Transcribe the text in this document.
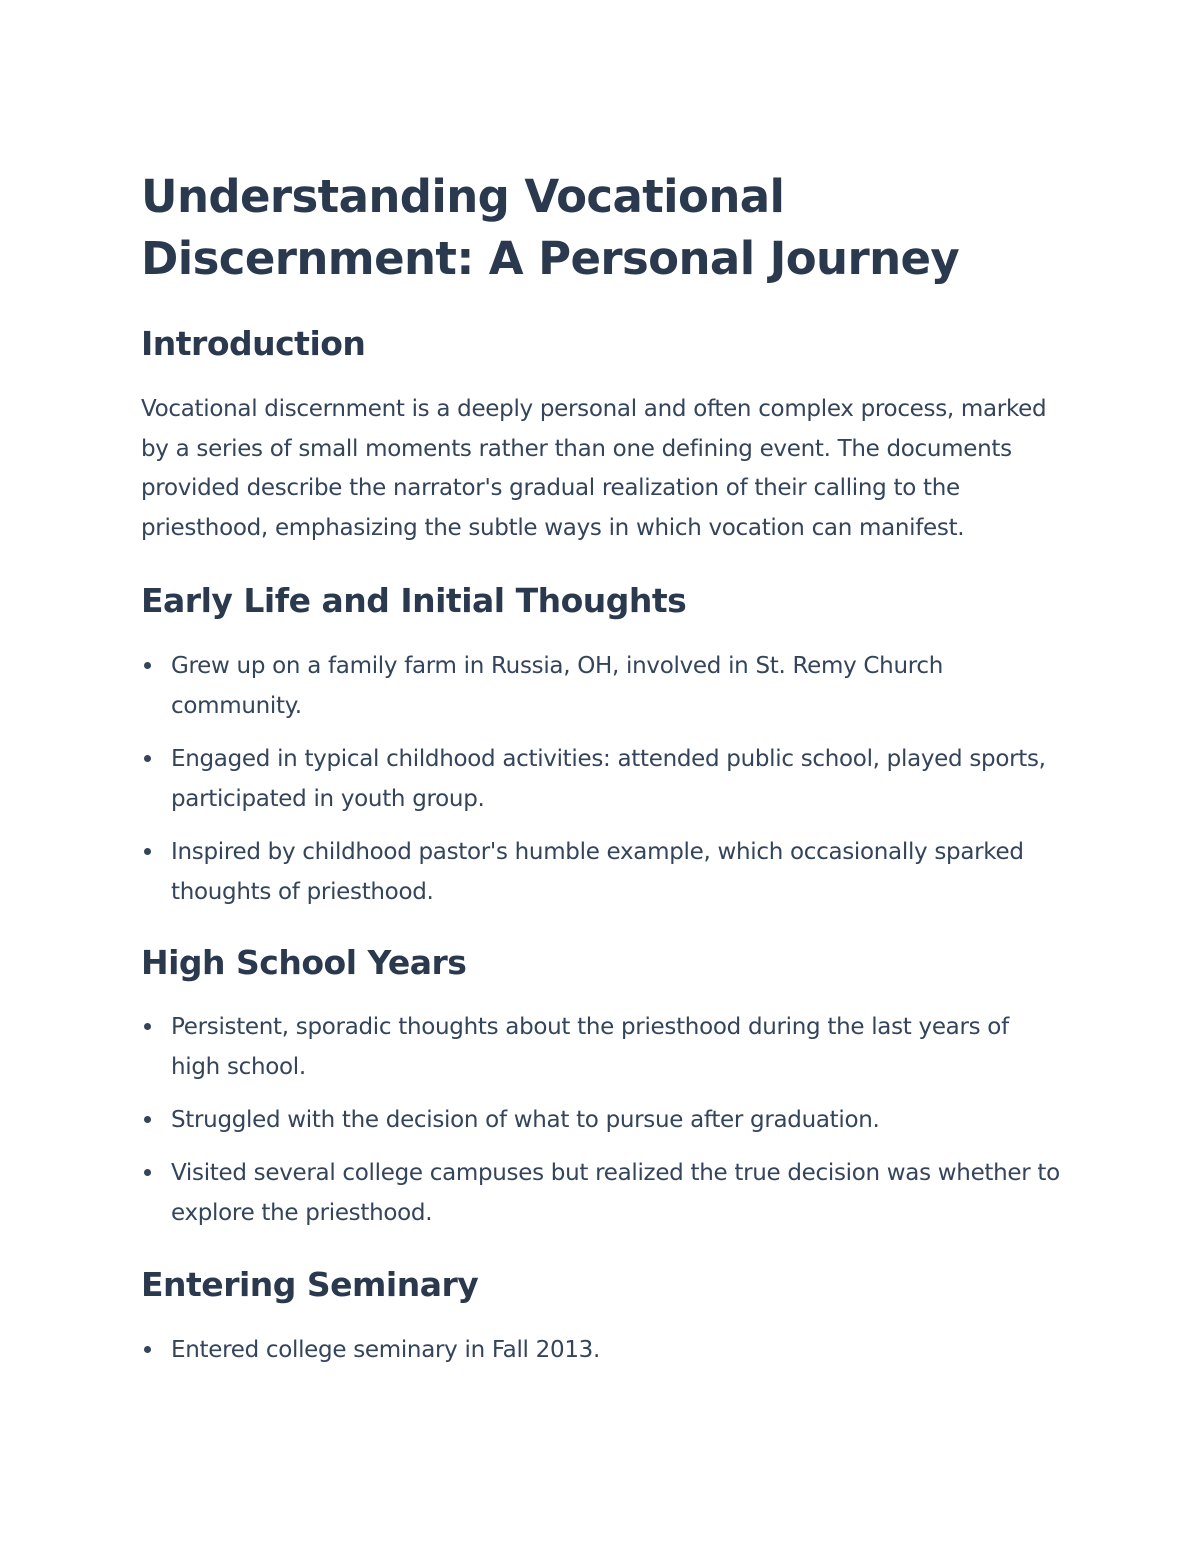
Understanding Vocational
Discernment: A Personal Journey
Introduction

Vocational discernment is a deeply personal and often complex process, marked by a series of small moments rather than one defining event. The documents provided describe the narrator's gradual realization of their calling to the priesthood, emphasizing the subtle ways in which vocation can manifest.

Early Life and Initial Thoughts
Grew up on a family farm in Russia, OH, involved in St. Remy Church community.
Engaged in typical childhood activities: attended public school, played sports, participated in youth group.
Inspired by childhood pastor's humble example, which occasionally sparked thoughts of priesthood.
High School Years
Persistent, sporadic thoughts about the priesthood during the last years of high school.
Struggled with the decision of what to pursue after graduation.
Visited several college campuses but realized the true decision was whether to explore the priesthood.
Entering Seminary
Entered college seminary in Fall 2013.
